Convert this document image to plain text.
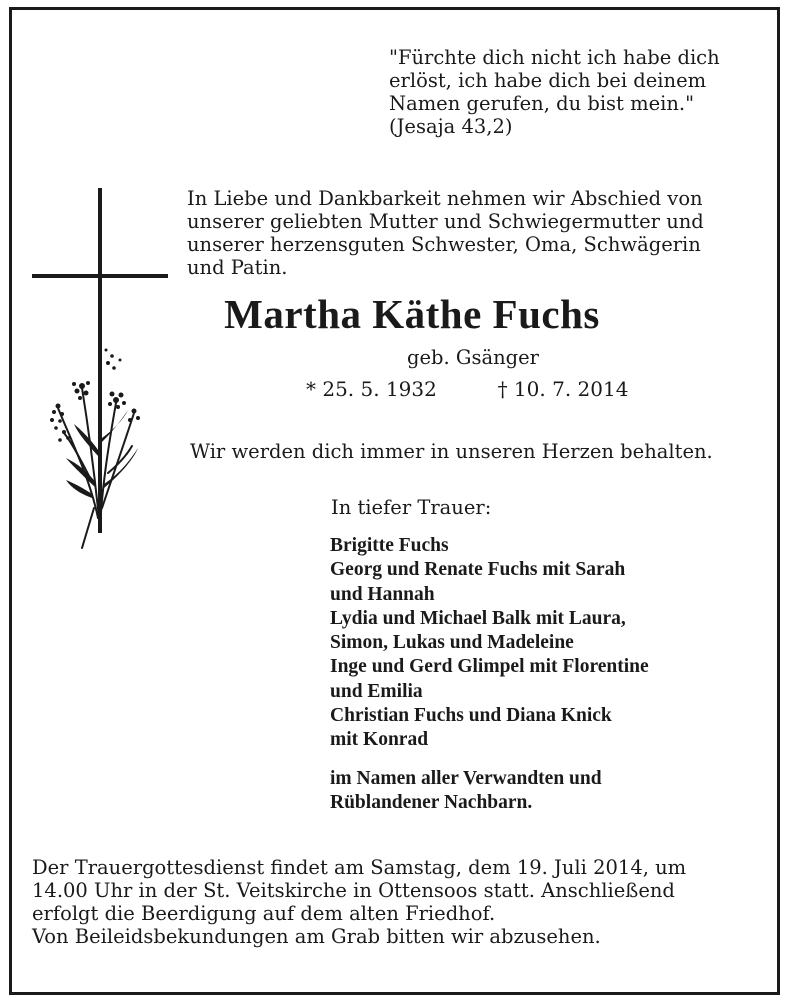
"Fürchte dich nicht ich habe dich
erlöst, ich habe dich bei deinem
Namen gerufen, du bist mein."
(Jesaja 43,2)
In Liebe und Dankbarkeit nehmen wir Abschied von
unserer geliebten Mutter und Schwiegermutter und
unserer herzensguten Schwester, Oma, Schwägerin
und Patin.
Martha Käthe Fuchs
geb. Gsänger
* 25. 5. 1932	† 10. 7. 2014
Wir werden dich immer in unseren Herzen behalten.
In tiefer Trauer:
Brigitte Fuchs
Georg und Renate Fuchs mit Sarah
und Hannah
Lydia und Michael Balk mit Laura,
Simon, Lukas und Madeleine
Inge und Gerd Glimpel mit Florentine
und Emilia
Christian Fuchs und Diana Knick
mit Konrad
im Namen aller Verwandten und
Rüblandener Nachbarn.
Der Trauergottesdienst findet am Samstag, dem 19. Juli 2014, um
14.00 Uhr in der St. Veitskirche in Ottensoos statt. Anschließend
erfolgt die Beerdigung auf dem alten Friedhof.
Von Beileidsbekundungen am Grab bitten wir abzusehen.
